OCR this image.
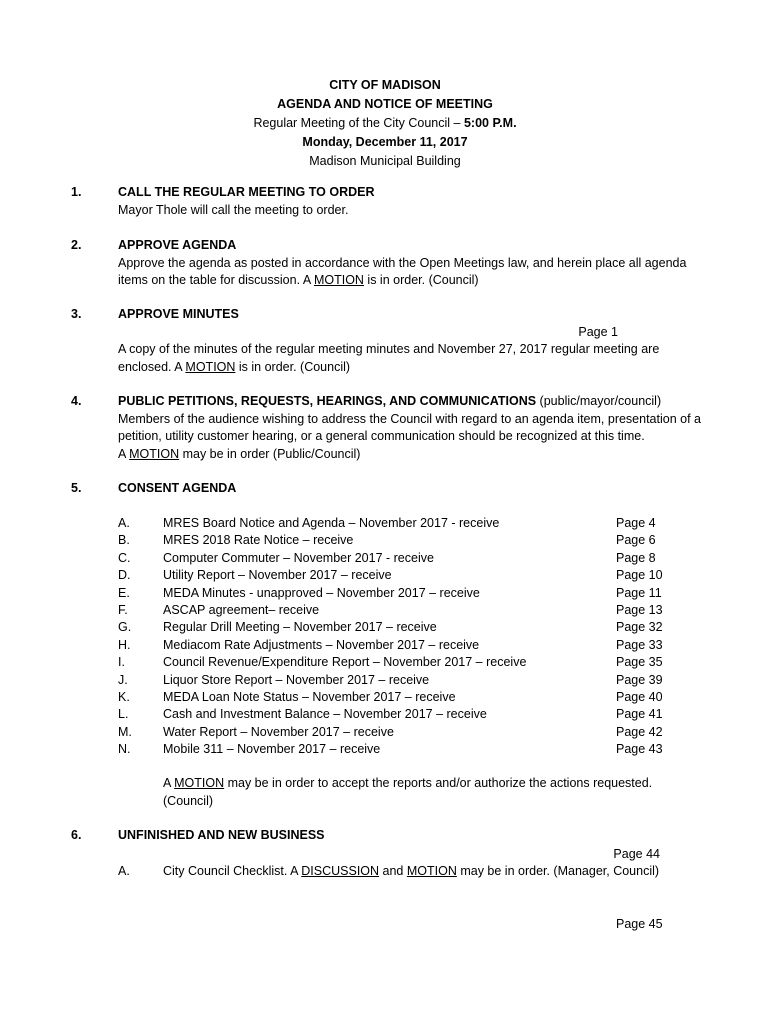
CITY OF MADISON
AGENDA AND NOTICE OF MEETING
Regular Meeting of the City Council – 5:00 P.M.
Monday, December 11, 2017
Madison Municipal Building
1.	CALL THE REGULAR MEETING TO ORDER
Mayor Thole will call the meeting to order.
2.	APPROVE AGENDA
Approve the agenda as posted in accordance with the Open Meetings law, and herein place all agenda items on the table for discussion. A MOTION is in order. (Council)
3.	APPROVE MINUTES
Page 1
A copy of the minutes of the regular meeting minutes and November 27, 2017 regular meeting are enclosed. A MOTION is in order. (Council)
4.	PUBLIC PETITIONS, REQUESTS, HEARINGS, AND COMMUNICATIONS (public/mayor/council)
Members of the audience wishing to address the Council with regard to an agenda item, presentation of a petition, utility customer hearing, or a general communication should be recognized at this time.
A MOTION may be in order (Public/Council)
5.	CONSENT AGENDA
A.	MRES Board Notice and Agenda – November 2017 - receive	Page 4
B.	MRES 2018 Rate Notice – receive	Page 6
C.	Computer Commuter – November 2017 - receive	Page 8
D.	Utility Report – November 2017 – receive	Page 10
E.	MEDA Minutes - unapproved – November 2017 – receive	Page 11
F.	ASCAP agreement– receive	Page 13
G.	Regular Drill Meeting – November 2017 – receive	Page 32
H.	Mediacom Rate Adjustments – November 2017 – receive	Page 33
I.	Council Revenue/Expenditure Report – November 2017 – receive	Page 35
J.	Liquor Store Report – November 2017 – receive	Page 39
K.	MEDA Loan Note Status – November 2017 – receive	Page 40
L.	Cash and Investment Balance – November 2017 – receive	Page 41
M. Water Report – November 2017 – receive	Page 42
N.	Mobile 311 – November 2017 – receive	Page 43
A MOTION may be in order to accept the reports and/or authorize the actions requested. (Council)
6.	UNFINISHED AND NEW BUSINESS
Page 44
A.	City Council Checklist. A DISCUSSION and MOTION may be in order. (Manager, Council)
Page 45
